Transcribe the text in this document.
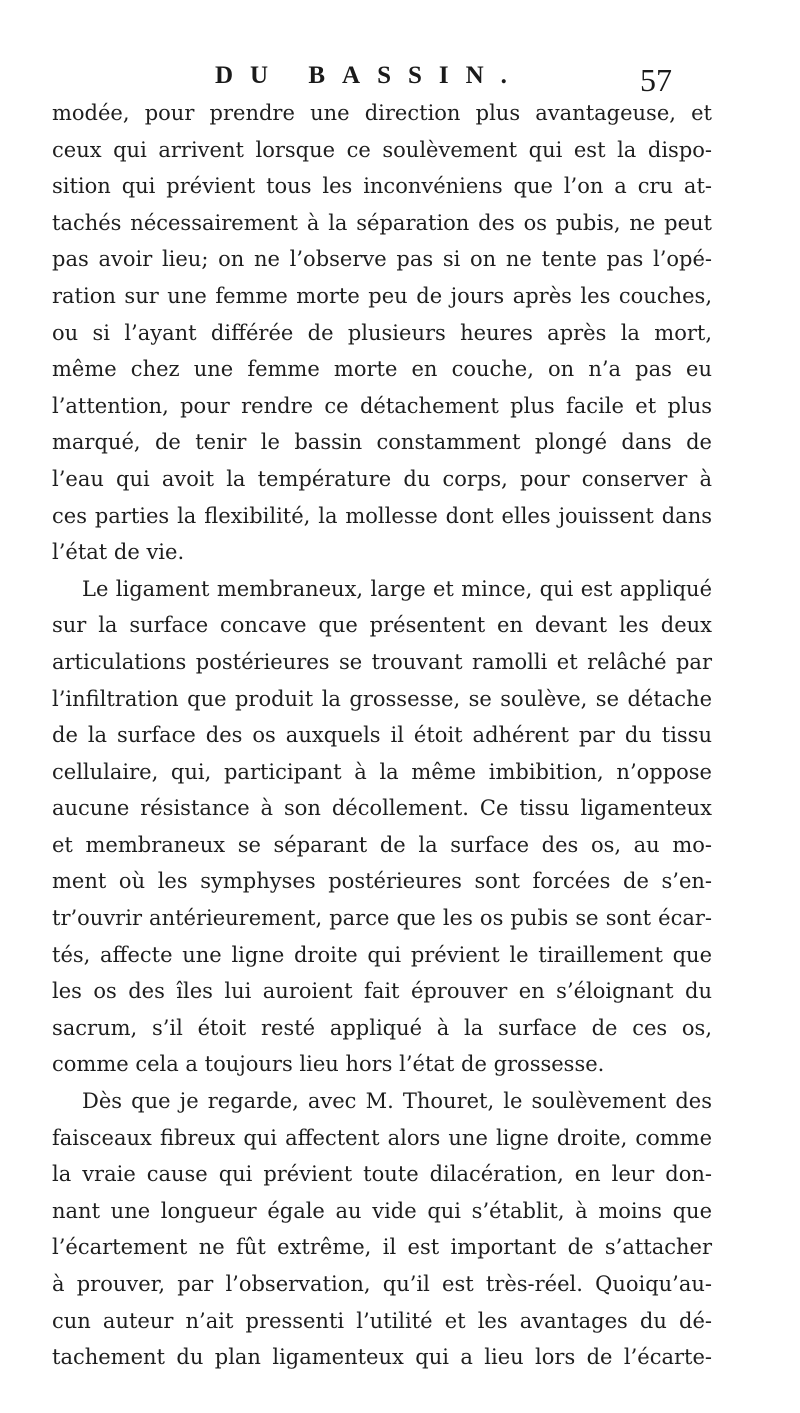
DU BASSIN.	57
modée, pour prendre une direction plus avantageuse, et
ceux qui arrivent lorsque ce soulèvement qui est la dispo-
sition qui prévient tous les inconvéniens que l’on a cru at-
tachés nécessairement à la séparation des os pubis, ne peut
pas avoir lieu; on ne l’observe pas si on ne tente pas l’opé-
ration sur une femme morte peu de jours après les couches,
ou si l’ayant différée de plusieurs heures après la mort,
même chez une femme morte en couche, on n’a pas eu
l’attention, pour rendre ce détachement plus facile et plus
marqué, de tenir le bassin constamment plongé dans de
l’eau qui avoit la température du corps, pour conserver à
ces parties la flexibilité, la mollesse dont elles jouissent dans
l’état de vie.
Le ligament membraneux, large et mince, qui est appliqué
sur la surface concave que présentent en devant les deux
articulations postérieures se trouvant ramolli et relâché par
l’infiltration que produit la grossesse, se soulève, se détache
de la surface des os auxquels il étoit adhérent par du tissu
cellulaire, qui, participant à la même imbibition, n’oppose
aucune résistance à son décollement. Ce tissu ligamenteux
et membraneux se séparant de la surface des os, au mo-
ment où les symphyses postérieures sont forcées de s’en-
tr’ouvrir antérieurement, parce que les os pubis se sont écar-
tés, affecte une ligne droite qui prévient le tiraillement que
les os des îles lui auroient fait éprouver en s’éloignant du
sacrum, s’il étoit resté appliqué à la surface de ces os,
comme cela a toujours lieu hors l’état de grossesse.
Dès que je regarde, avec M. Thouret, le soulèvement des
faisceaux fibreux qui affectent alors une ligne droite, comme
la vraie cause qui prévient toute dilacération, en leur don-
nant une longueur égale au vide qui s’établit, à moins que
l’écartement ne fût extrême, il est important de s’attacher
à prouver, par l’observation, qu’il est très-réel. Quoiqu’au-
cun auteur n’ait pressenti l’utilité et les avantages du dé-
tachement du plan ligamenteux qui a lieu lors de l’écarte-
